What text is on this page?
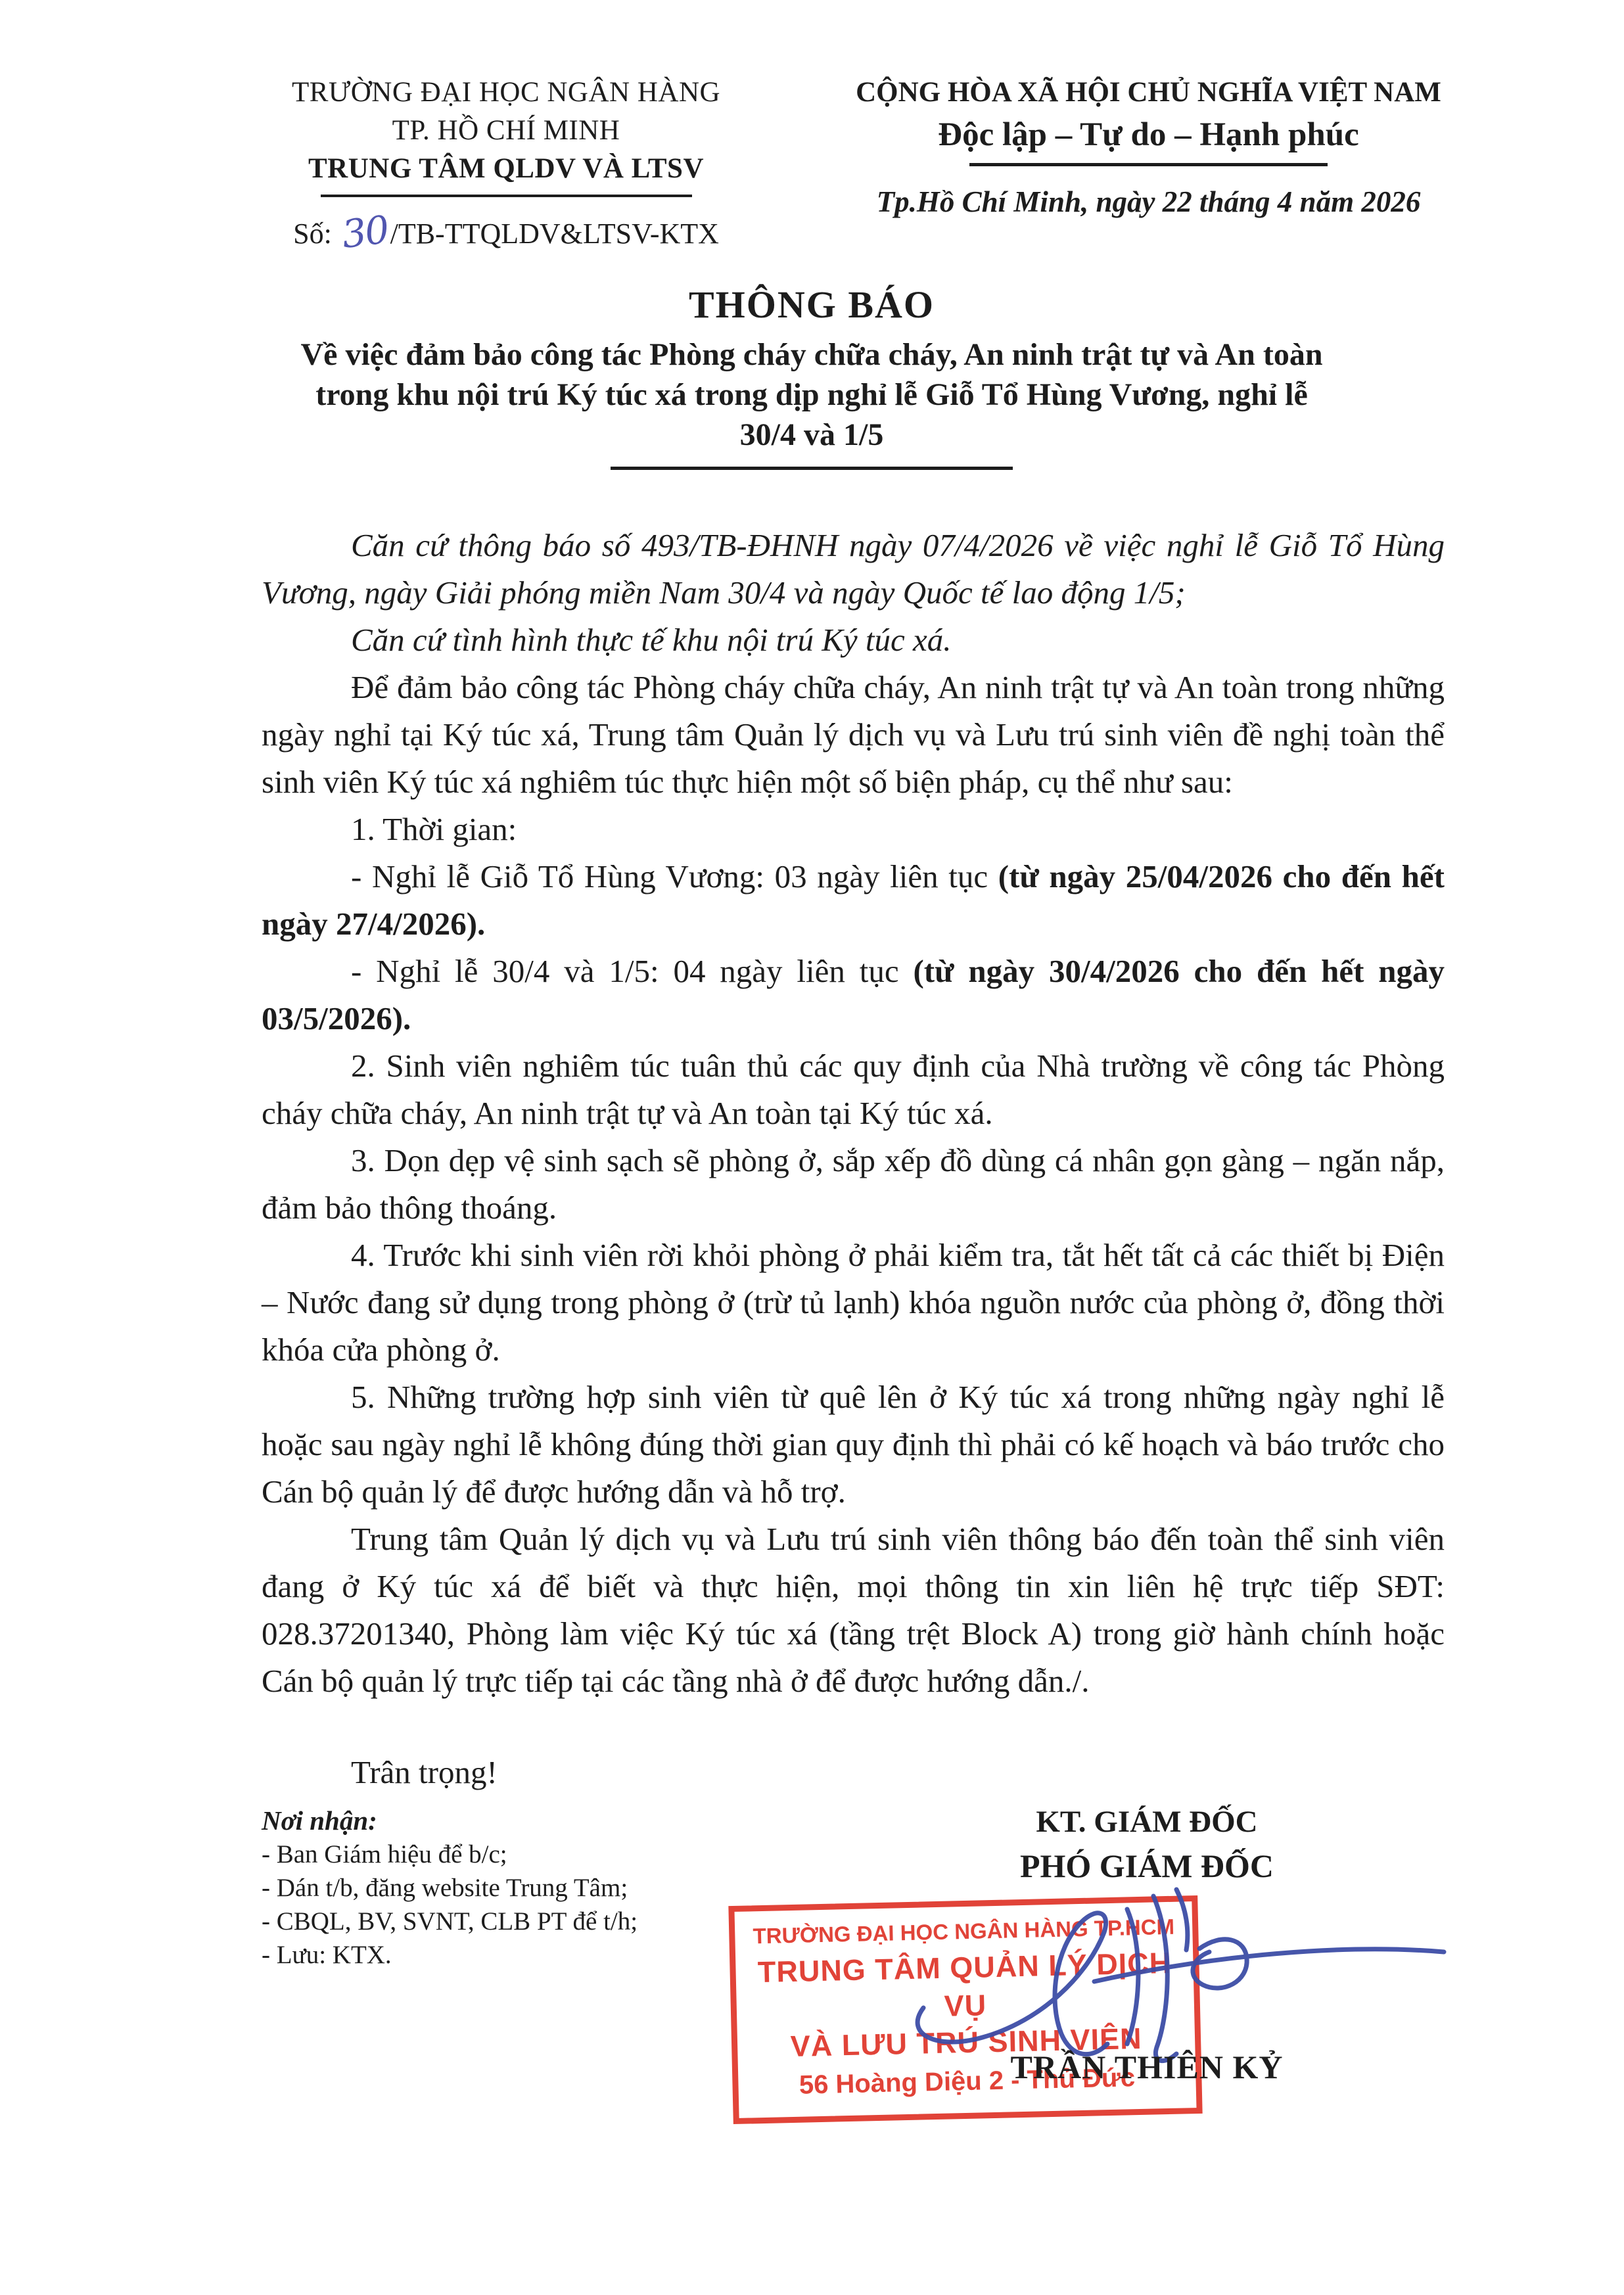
TRƯỜNG ĐẠI HỌC NGÂN HÀNG
TP. HỒ CHÍ MINH
TRUNG TÂM QLDV VÀ LTSV
Số: 30/TB-TTQLDV&LTSV-KTX
CỘNG HÒA XÃ HỘI CHỦ NGHĨA VIỆT NAM
Độc lập – Tự do – Hạnh phúc
Tp.Hồ Chí Minh, ngày 22 tháng 4 năm 2026
THÔNG BÁO
Về việc đảm bảo công tác Phòng cháy chữa cháy, An ninh trật tự và An toàn
trong khu nội trú Ký túc xá trong dịp nghỉ lễ Giỗ Tổ Hùng Vương, nghỉ lễ
30/4 và 1/5

Căn cứ thông báo số 493/TB-ĐHNH ngày 07/4/2026 về việc nghỉ lễ Giỗ Tổ Hùng Vương, ngày Giải phóng miền Nam 30/4 và ngày Quốc tế lao động 1/5;

Căn cứ tình hình thực tế khu nội trú Ký túc xá.

Để đảm bảo công tác Phòng cháy chữa cháy, An ninh trật tự và An toàn trong những ngày nghỉ tại Ký túc xá, Trung tâm Quản lý dịch vụ và Lưu trú sinh viên đề nghị toàn thể sinh viên Ký túc xá nghiêm túc thực hiện một số biện pháp, cụ thể như sau:

1. Thời gian:

- Nghỉ lễ Giỗ Tổ Hùng Vương: 03 ngày liên tục (từ ngày 25/04/2026 cho đến hết ngày 27/4/2026).

- Nghỉ lễ 30/4 và 1/5: 04 ngày liên tục (từ ngày 30/4/2026 cho đến hết ngày 03/5/2026).

2. Sinh viên nghiêm túc tuân thủ các quy định của Nhà trường về công tác Phòng cháy chữa cháy, An ninh trật tự và An toàn tại Ký túc xá.

3. Dọn dẹp vệ sinh sạch sẽ phòng ở, sắp xếp đồ dùng cá nhân gọn gàng – ngăn nắp, đảm bảo thông thoáng.

4. Trước khi sinh viên rời khỏi phòng ở phải kiểm tra, tắt hết tất cả các thiết bị Điện – Nước đang sử dụng trong phòng ở (trừ tủ lạnh) khóa nguồn nước của phòng ở, đồng thời khóa cửa phòng ở.

5. Những trường hợp sinh viên từ quê lên ở Ký túc xá trong những ngày nghỉ lễ hoặc sau ngày nghỉ lễ không đúng thời gian quy định thì phải có kế hoạch và báo trước cho Cán bộ quản lý để được hướng dẫn và hỗ trợ.

Trung tâm Quản lý dịch vụ và Lưu trú sinh viên thông báo đến toàn thể sinh viên đang ở Ký túc xá để biết và thực hiện, mọi thông tin xin liên hệ trực tiếp SĐT: 028.37201340, Phòng làm việc Ký túc xá (tầng trệt Block A) trong giờ hành chính hoặc Cán bộ quản lý trực tiếp tại các tầng nhà ở để được hướng dẫn./.

Trân trọng!
Nơi nhận:
- Ban Giám hiệu để b/c;
- Dán t/b, đăng website Trung Tâm;
- CBQL, BV, SVNT, CLB PT để t/h;
- Lưu: KTX.
KT. GIÁM ĐỐC
PHÓ GIÁM ĐỐC
TRƯỜNG ĐẠI HỌC NGÂN HÀNG TP.HCM
TRUNG TÂM QUẢN LÝ DỊCH VỤ
VÀ LƯU TRÚ SINH VIÊN
56 Hoàng Diệu 2 - Thủ Đức
TRẦN THIÊN KỶ
